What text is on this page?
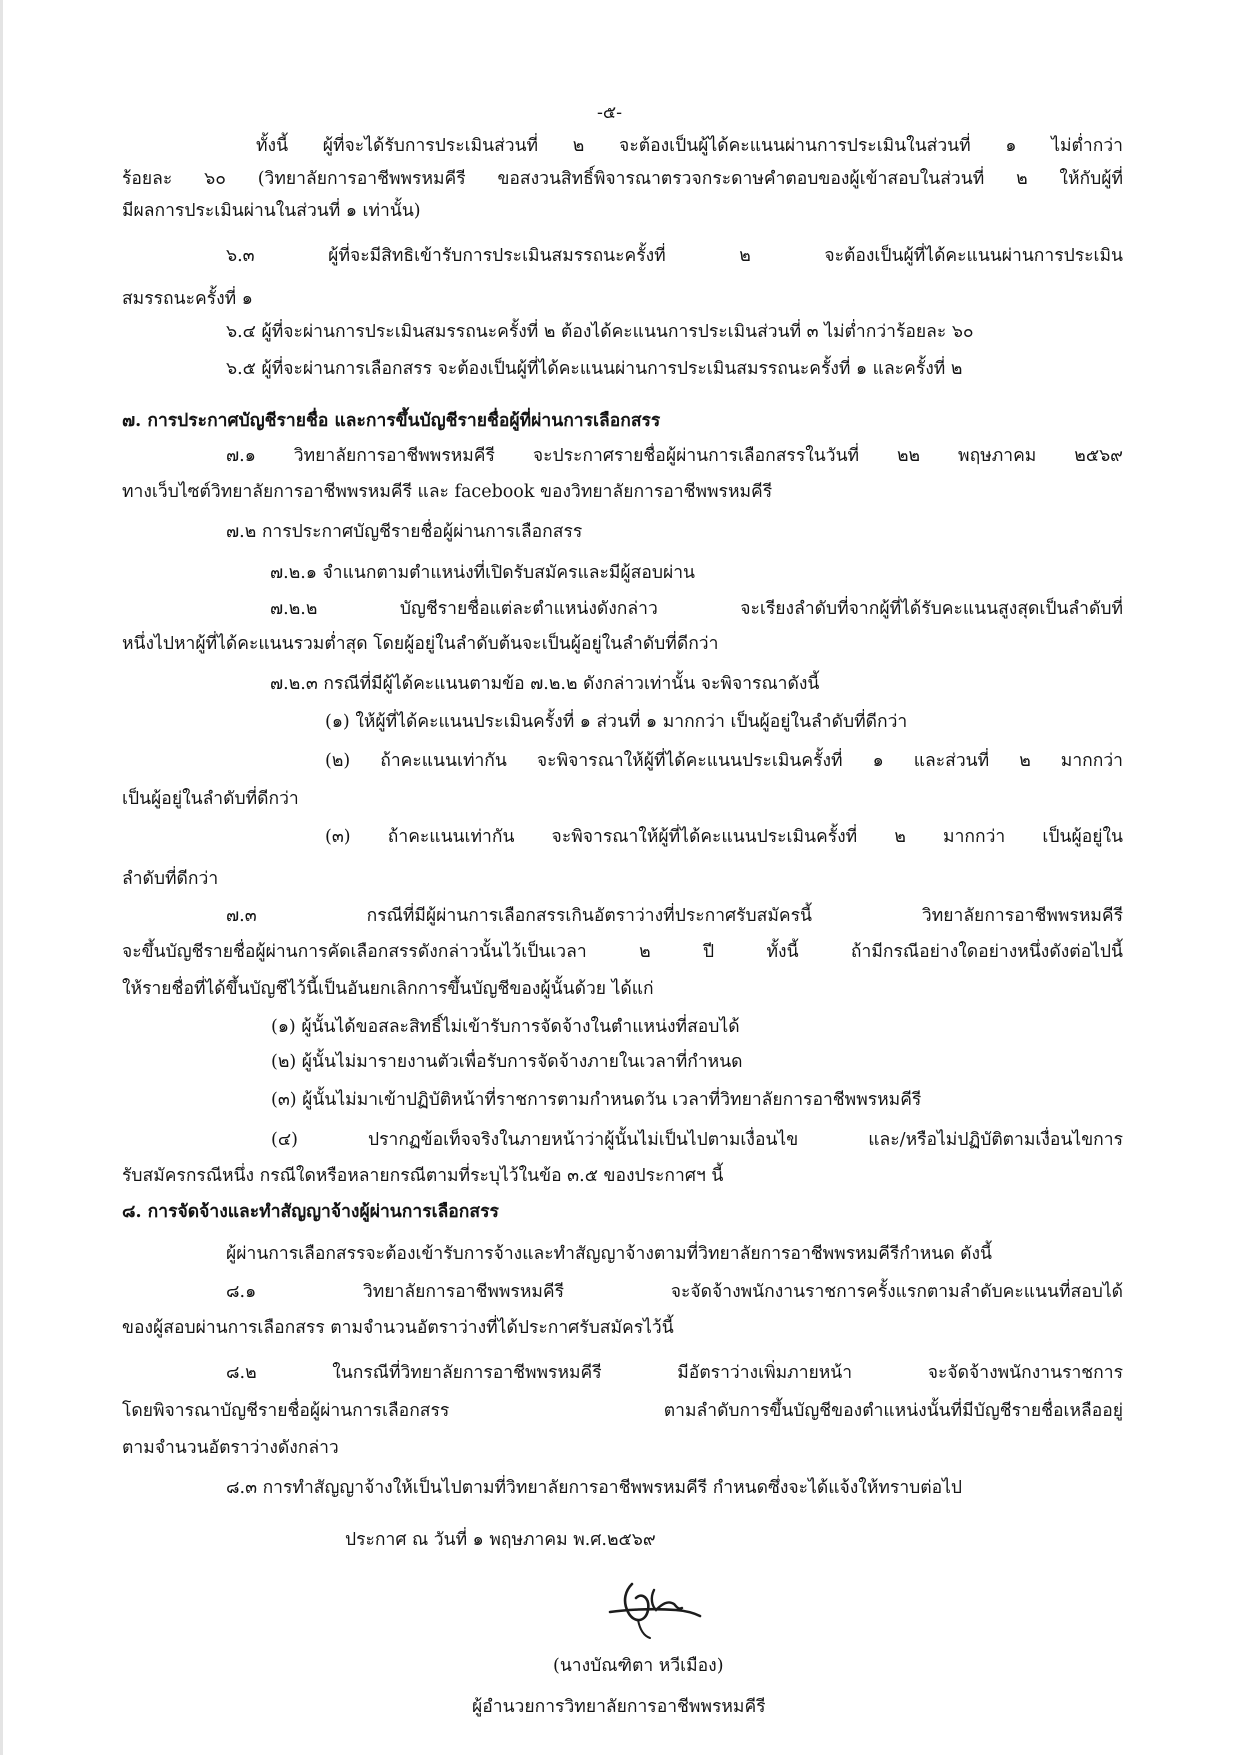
-๕-
ทั้งนี้ ผู้ที่จะได้รับการประเมินส่วนที่ ๒ จะต้องเป็นผู้ได้คะแนนผ่านการประเมินในส่วนที่ ๑ ไม่ต่ำกว่า
ร้อยละ ๖๐ (วิทยาลัยการอาชีพพรหมคีรี ขอสงวนสิทธิ์พิจารณาตรวจกระดาษคำตอบของผู้เข้าสอบในส่วนที่ ๒ ให้กับผู้ที่
มีผลการประเมินผ่านในส่วนที่ ๑ เท่านั้น)
๖.๓ ผู้ที่จะมีสิทธิเข้ารับการประเมินสมรรถนะครั้งที่ ๒ จะต้องเป็นผู้ที่ได้คะแนนผ่านการประเมิน
สมรรถนะครั้งที่ ๑
๖.๔ ผู้ที่จะผ่านการประเมินสมรรถนะครั้งที่ ๒ ต้องได้คะแนนการประเมินส่วนที่ ๓ ไม่ต่ำกว่าร้อยละ ๖๐
๖.๕ ผู้ที่จะผ่านการเลือกสรร จะต้องเป็นผู้ที่ได้คะแนนผ่านการประเมินสมรรถนะครั้งที่ ๑ และครั้งที่ ๒
๗. การประกาศบัญชีรายชื่อ และการขึ้นบัญชีรายชื่อผู้ที่ผ่านการเลือกสรร
๗.๑ วิทยาลัยการอาชีพพรหมคีรี จะประกาศรายชื่อผู้ผ่านการเลือกสรรในวันที่ ๒๒ พฤษภาคม ๒๕๖๙
ทางเว็บไซต์วิทยาลัยการอาชีพพรหมคีรี และ facebook ของวิทยาลัยการอาชีพพรหมคีรี
๗.๒ การประกาศบัญชีรายชื่อผู้ผ่านการเลือกสรร
๗.๒.๑ จำแนกตามตำแหน่งที่เปิดรับสมัครและมีผู้สอบผ่าน
๗.๒.๒ บัญชีรายชื่อแต่ละตำแหน่งดังกล่าว จะเรียงลำดับที่จากผู้ที่ได้รับคะแนนสูงสุดเป็นลำดับที่
หนึ่งไปหาผู้ที่ได้คะแนนรวมต่ำสุด โดยผู้อยู่ในลำดับต้นจะเป็นผู้อยู่ในลำดับที่ดีกว่า
๗.๒.๓ กรณีที่มีผู้ได้คะแนนตามข้อ ๗.๒.๒ ดังกล่าวเท่านั้น จะพิจารณาดังนี้
(๑) ให้ผู้ที่ได้คะแนนประเมินครั้งที่ ๑ ส่วนที่ ๑ มากกว่า เป็นผู้อยู่ในลำดับที่ดีกว่า
(๒) ถ้าคะแนนเท่ากัน จะพิจารณาให้ผู้ที่ได้คะแนนประเมินครั้งที่ ๑ และส่วนที่ ๒ มากกว่า
เป็นผู้อยู่ในลำดับที่ดีกว่า
(๓) ถ้าคะแนนเท่ากัน จะพิจารณาให้ผู้ที่ได้คะแนนประเมินครั้งที่ ๒ มากกว่า เป็นผู้อยู่ใน
ลำดับที่ดีกว่า
๗.๓ กรณีที่มีผู้ผ่านการเลือกสรรเกินอัตราว่างที่ประกาศรับสมัครนี้ วิทยาลัยการอาชีพพรหมคีรี
จะขึ้นบัญชีรายชื่อผู้ผ่านการคัดเลือกสรรดังกล่าวนั้นไว้เป็นเวลา ๒ ปี ทั้งนี้ ถ้ามีกรณีอย่างใดอย่างหนึ่งดังต่อไปนี้
ให้รายชื่อที่ได้ขึ้นบัญชีไว้นี้เป็นอันยกเลิกการขึ้นบัญชีของผู้นั้นด้วย ได้แก่
(๑) ผู้นั้นได้ขอสละสิทธิ์ไม่เข้ารับการจัดจ้างในตำแหน่งที่สอบได้
(๒) ผู้นั้นไม่มารายงานตัวเพื่อรับการจัดจ้างภายในเวลาที่กำหนด
(๓) ผู้นั้นไม่มาเข้าปฏิบัติหน้าที่ราชการตามกำหนดวัน เวลาที่วิทยาลัยการอาชีพพรหมคีรี
(๔) ปรากฏข้อเท็จจริงในภายหน้าว่าผู้นั้นไม่เป็นไปตามเงื่อนไข และ/หรือไม่ปฏิบัติตามเงื่อนไขการ
รับสมัครกรณีหนึ่ง กรณีใดหรือหลายกรณีตามที่ระบุไว้ในข้อ ๓.๕ ของประกาศฯ นี้
๘. การจัดจ้างและทำสัญญาจ้างผู้ผ่านการเลือกสรร
ผู้ผ่านการเลือกสรรจะต้องเข้ารับการจ้างและทำสัญญาจ้างตามที่วิทยาลัยการอาชีพพรหมคีรีกำหนด ดังนี้
๘.๑ วิทยาลัยการอาชีพพรหมคีรี จะจัดจ้างพนักงานราชการครั้งแรกตามลำดับคะแนนที่สอบได้
ของผู้สอบผ่านการเลือกสรร ตามจำนวนอัตราว่างที่ได้ประกาศรับสมัครไว้นี้
๘.๒ ในกรณีที่วิทยาลัยการอาชีพพรหมคีรี มีอัตราว่างเพิ่มภายหน้า จะจัดจ้างพนักงานราชการ
โดยพิจารณาบัญชีรายชื่อผู้ผ่านการเลือกสรร ตามลำดับการขึ้นบัญชีของตำแหน่งนั้นที่มีบัญชีรายชื่อเหลืออยู่
ตามจำนวนอัตราว่างดังกล่าว
๘.๓ การทำสัญญาจ้างให้เป็นไปตามที่วิทยาลัยการอาชีพพรหมคีรี กำหนดซึ่งจะได้แจ้งให้ทราบต่อไป
ประกาศ ณ วันที่ ๑ พฤษภาคม พ.ศ.๒๕๖๙
(นางบัณฑิตา หวีเมือง)
ผู้อำนวยการวิทยาลัยการอาชีพพรหมคีรี
